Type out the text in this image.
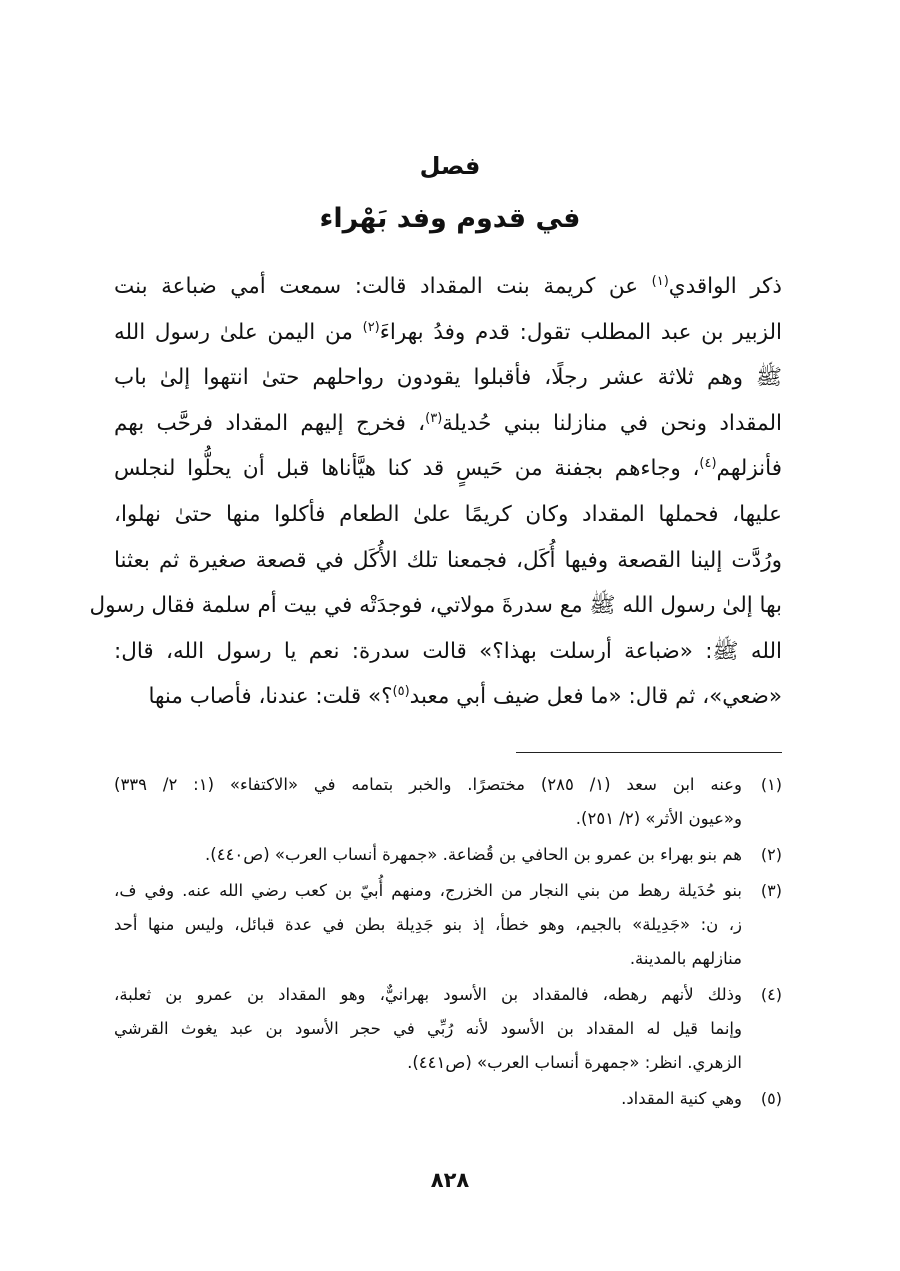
فصل
في قدوم وفد بَهْراء
ذكر الواقدي$^{(١)}$ عن كريمة بنت المقداد قالت: سمعت أمي ضباعة بنت
الزبير بن عبد المطلب تقول: قدم وفدُ بهراءَ$^{(٢)}$ من اليمن علىٰ رسول الله
ﷺ وهم ثلاثة عشر رجلًا، فأقبلوا يقودون رواحلهم حتىٰ انتهوا إلىٰ باب
المقداد ونحن في منازلنا ببني حُديلة$^{(٣)}$، فخرج إليهم المقداد فرحَّب بهم
فأنزلهم$^{(٤)}$، وجاءهم بجفنة من حَيسٍ قد كنا هيَّأناها قبل أن يحلُّوا لنجلس
عليها، فحملها المقداد وكان كريمًا علىٰ الطعام فأكلوا منها حتىٰ نهلوا،
ورُدَّت إلينا القصعة وفيها أُكَل، فجمعنا تلك الأُكَل في قصعة صغيرة ثم بعثنا
بها إلىٰ رسول الله ﷺ مع سدرةَ مولاتي، فوجدَتْه في بيت أم سلمة فقال رسول
الله ﷺ: «ضباعة أرسلت بهذا؟» قالت سدرة: نعم يا رسول الله، قال:
«ضعي»، ثم قال: «ما فعل ضيف أبي معبد$^{(٥)}$؟» قلت: عندنا، فأصاب منها
(١)
وعنه ابن سعد (١/ ٢٨٥) مختصرًا. والخبر بتمامه في «الاكتفاء» (١: ٢/ ٣٣٩)
و«عيون الأثر» (٢/ ٢٥١).
(٢)
هم بنو بهراء بن عمرو بن الحافي بن قُضاعة. «جمهرة أنساب العرب» (ص٤٤٠).
(٣)
بنو حُدَيلة رهط من بني النجار من الخزرج، ومنهم أُبيّ بن كعب رضي الله عنه. وفي ف،
ز، ن: «جَدِيلة» بالجيم، وهو خطأ، إذ بنو جَدِيلة بطن في عدة قبائل، وليس منها أحد
منازلهم بالمدينة.
(٤)
وذلك لأنهم رهطه، فالمقداد بن الأسود بهرانيٌّ، وهو المقداد بن عمرو بن ثعلبة،
وإنما قيل له المقداد بن الأسود لأنه رُبِّي في حجر الأسود بن عبد يغوث القرشي
الزهري. انظر: «جمهرة أنساب العرب» (ص٤٤١).
(٥)
وهي كنية المقداد.
٨٢٨
